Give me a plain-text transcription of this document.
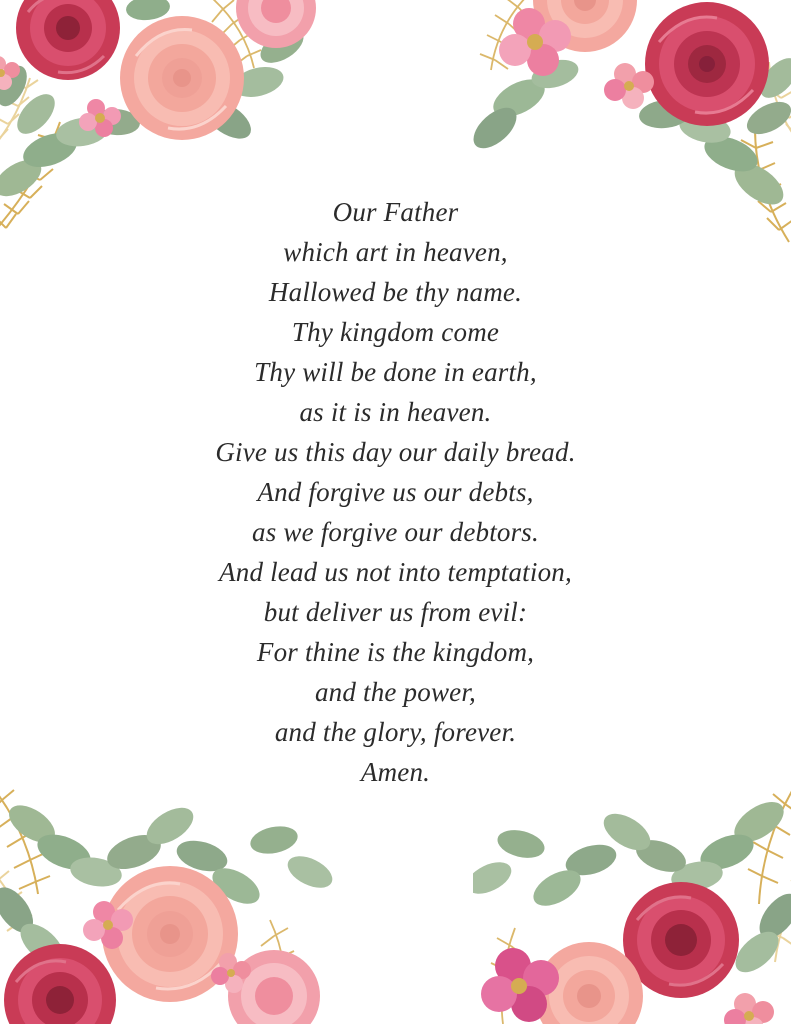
Our Father
which art in heaven,
Hallowed be thy name.
Thy kingdom come
Thy will be done in earth,
as it is in heaven.
Give us this day our daily bread.
And forgive us our debts,
as we forgive our debtors.
And lead us not into temptation,
but deliver us from evil:
For thine is the kingdom,
and the power,
and the glory, forever.
Amen.
